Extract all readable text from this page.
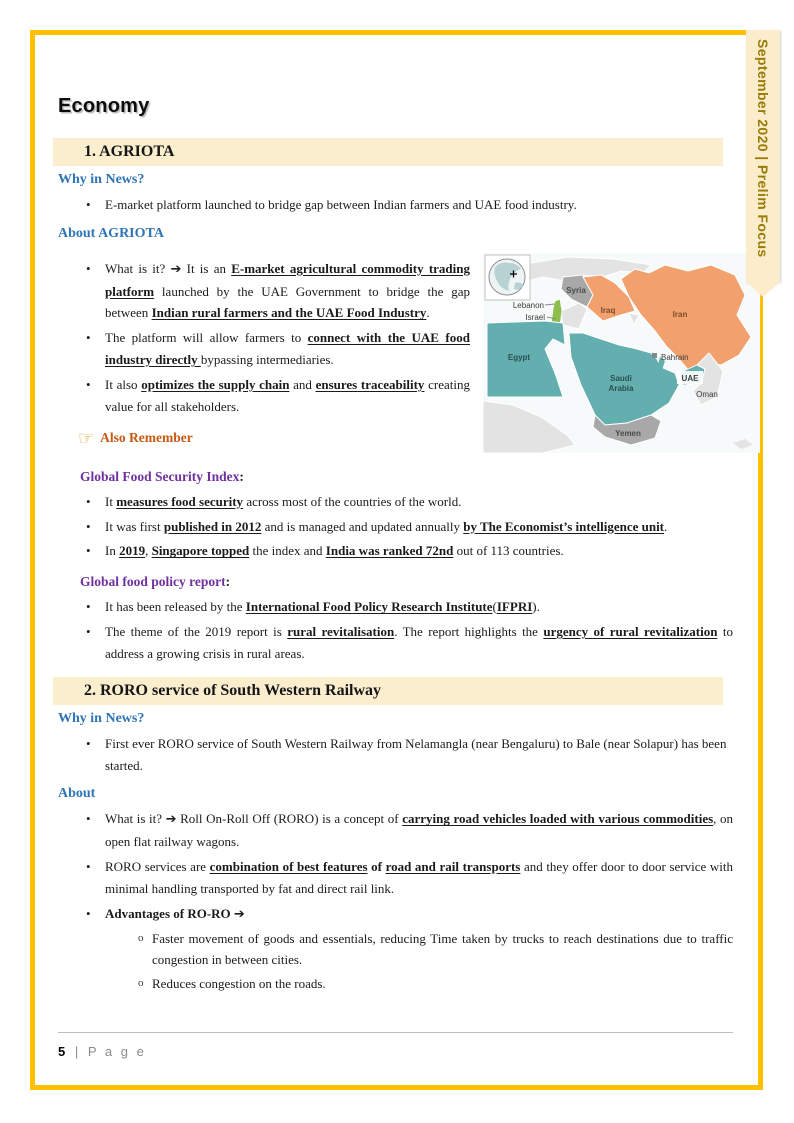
Economy
1. AGRIOTA
Why in News?
• E-market platform launched to bridge gap between Indian farmers and UAE food industry.
About AGRIOTA
• What is it? ➔ It is an E-market agricultural commodity trading platform launched by the UAE Government to bridge the gap between Indian rural farmers and the UAE Food Industry.
• The platform will allow farmers to connect with the UAE food industry directly bypassing intermediaries.
• It also optimizes the supply chain and ensures traceability creating value for all stakeholders.
☞ Also Remember
Lebanon
Israel
Syria
Iraq	Iran
Egypt
Saudi
Arabia
Bahrain
UAE
Oman
Yemen
Global Food Security Index:
• It measures food security across most of the countries of the world.
• It was first published in 2012 and is managed and updated annually by The Economist’s intelligence unit.
• In 2019, Singapore topped the index and India was ranked 72nd out of 113 countries.
Global food policy report:
• It has been released by the International Food Policy Research Institute(IFPRI).
• The theme of the 2019 report is rural revitalisation. The report highlights the urgency of rural revitalization to address a growing crisis in rural areas.
2. RORO service of South Western Railway
Why in News?
• First ever RORO service of South Western Railway from Nelamangla (near Bengaluru) to Bale (near Solapur) has been started.
About
• What is it? ➔ Roll On-Roll Off (RORO) is a concept of carrying road vehicles loaded with various commodities, on open flat railway wagons.
• RORO services are combination of best features of road and rail transports and they offer door to door service with minimal handling transported by fat and direct rail link.
• Advantages of RO-RO ➔
o Faster movement of goods and essentials, reducing Time taken by trucks to reach destinations due to traffic congestion in between cities.
o Reduces congestion on the roads.
5 | P a g e
September 2020 | Prelim Focus
